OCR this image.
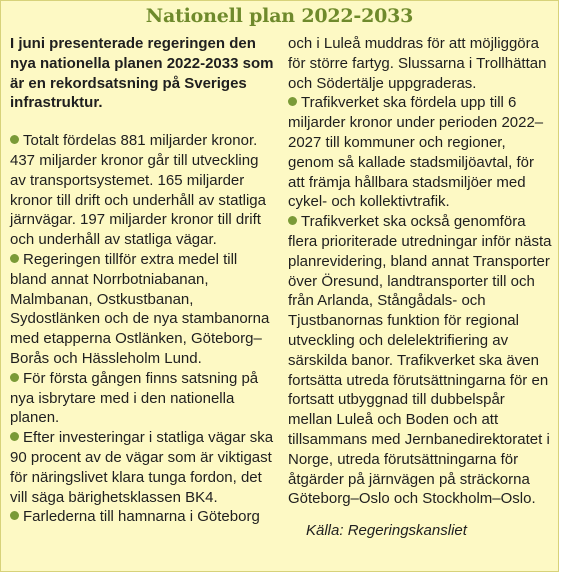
Nationell plan 2022-2033

I juni presenterade regeringen den nya nationella planen 2022-2033 som är en rekordsatsning på Sveriges infrastruktur.

Totalt fördelas 881 miljarder kronor. 437 miljarder kronor går till utveckling av transportsystemet. 165 miljarder kronor till drift och underhåll av statliga järnvägar. 197 miljarder kronor till drift och underhåll av statliga vägar.

Regeringen tillför extra medel till bland annat Norrbotniabanan, Malmbanan, Ostkustbanan, Sydostlänken och de nya stambanorna med etapperna Ostlänken, Göteborg–Borås och Hässleholm Lund.

För första gången finns satsning på nya isbrytare med i den nationella planen.

Efter investeringar i statliga vägar ska 90 procent av de vägar som är viktigast för näringslivet klara tunga fordon, det vill säga bärighetsklassen BK4.

Farlederna till hamnarna i Göteborg

och i Luleå muddras för att möjliggöra för större fartyg. Slussarna i Trollhättan och Södertälje uppgraderas.

Trafikverket ska fördela upp till 6 miljarder kronor under perioden 2022–2027 till kommuner och regioner, genom så kallade stadsmiljöavtal, för att främja hållbara stadsmiljöer med cykel- och kollektivtrafik.

Trafikverket ska också genomföra flera prioriterade utredningar inför nästa planrevidering, bland annat Transporter över Öresund, landtransporter till och från Arlanda, Stångådals- och Tjustbanornas funktion för regional utveckling och delelektrifiering av särskilda banor. Trafikverket ska även fortsätta utreda förutsättningarna för en fortsatt utbyggnad till dubbelspår mellan Luleå och Boden och att tillsammans med Jernbanedirektoratet i Norge, utreda förutsättningarna för åtgärder på järnvägen på sträckorna Göteborg–Oslo och Stockholm–Oslo.

Källa: Regeringskansliet
